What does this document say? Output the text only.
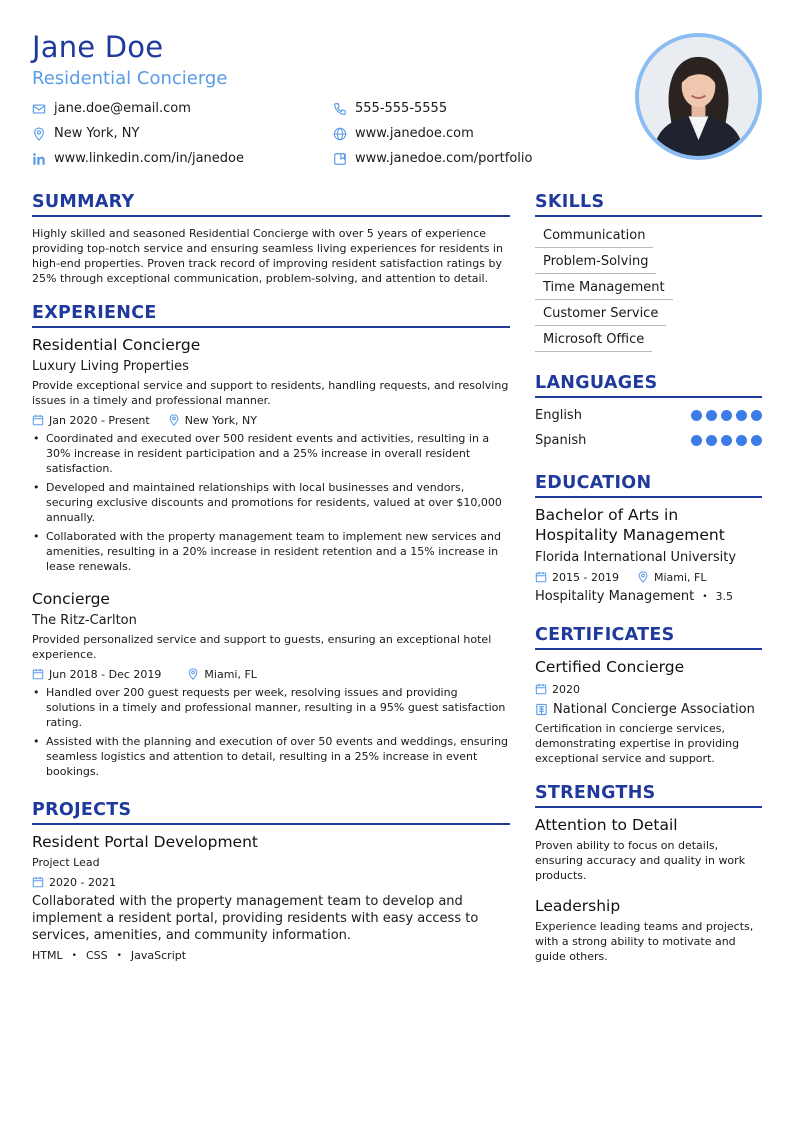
Jane Doe
Residential Concierge
jane.doe@email.com	555-555-5555
New York, NY	www.janedoe.com
www.linkedin.com/in/janedoe	www.janedoe.com/portfolio
SUMMARY
Highly skilled and seasoned Residential Concierge with over 5 years of experience providing top-notch service and ensuring seamless living experiences for residents in high-end properties. Proven track record of improving resident satisfaction ratings by 25% through exceptional communication, problem-solving, and attention to detail.
EXPERIENCE
Residential Concierge
Luxury Living Properties
Provide exceptional service and support to residents, handling requests, and resolving issues in a timely and professional manner.
Jan 2020 - Present	New York, NY
• Coordinated and executed over 500 resident events and activities, resulting in a 30% increase in resident participation and a 25% increase in overall resident satisfaction.
• Developed and maintained relationships with local businesses and vendors, securing exclusive discounts and promotions for residents, valued at over $10,000 annually.
• Collaborated with the property management team to implement new services and amenities, resulting in a 20% increase in resident retention and a 15% increase in lease renewals.
Concierge
The Ritz-Carlton
Provided personalized service and support to guests, ensuring an exceptional hotel experience.
Jun 2018 - Dec 2019	Miami, FL
• Handled over 200 guest requests per week, resolving issues and providing solutions in a timely and professional manner, resulting in a 95% guest satisfaction rating.
• Assisted with the planning and execution of over 50 events and weddings, ensuring seamless logistics and attention to detail, resulting in a 25% increase in event bookings.
PROJECTS
Resident Portal Development
Project Lead
2020 - 2021
Collaborated with the property management team to develop and implement a resident portal, providing residents with easy access to services, amenities, and community information.
HTML • CSS • JavaScript
SKILLS
Communication
Problem-Solving
Time Management
Customer Service
Microsoft Office
LANGUAGES
English
Spanish
EDUCATION
Bachelor of Arts in Hospitality Management
Florida International University
2015 - 2019	Miami, FL
Hospitality Management • 3.5
CERTIFICATES
Certified Concierge
2020
National Concierge Association
Certification in concierge services, demonstrating expertise in providing exceptional service and support.
STRENGTHS
Attention to Detail
Proven ability to focus on details, ensuring accuracy and quality in work products.
Leadership
Experience leading teams and projects, with a strong ability to motivate and guide others.
